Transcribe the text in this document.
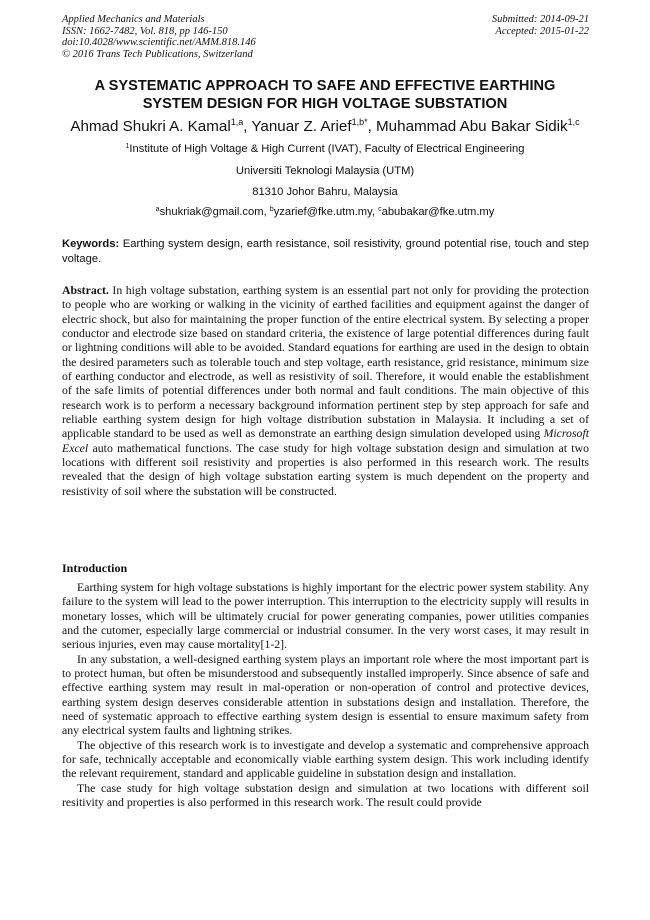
Applied Mechanics and Materials
ISSN: 1662-7482, Vol. 818, pp 146-150
doi:10.4028/www.scientific.net/AMM.818.146
© 2016 Trans Tech Publications, Switzerland
Submitted: 2014-09-21
Accepted: 2015-01-22
A SYSTEMATIC APPROACH TO SAFE AND EFFECTIVE EARTHING
SYSTEM DESIGN FOR HIGH VOLTAGE SUBSTATION
Ahmad Shukri A. Kamal$^{1,a}$, Yanuar Z. Arief$^{1,b*}$, Muhammad Abu Bakar Sidik$^{1,c}$
$^1$Institute of High Voltage & High Current (IVAT), Faculty of Electrical Engineering
Universiti Teknologi Malaysia (UTM)
81310 Johor Bahru, Malaysia
$^a$shukriak@gmail.com, $^b$yzarief@fke.utm.my, $^c$abubakar@fke.utm.my
Keywords: Earthing system design, earth resistance, soil resistivity, ground potential rise, touch and step voltage.
Abstract. In high voltage substation, earthing system is an essential part not only for providing the protection to people who are working or walking in the vicinity of earthed facilities and equipment against the danger of electric shock, but also for maintaining the proper function of the entire electrical system. By selecting a proper conductor and electrode size based on standard criteria, the existence of large potential differences during fault or lightning conditions will able to be avoided. Standard equations for earthing are used in the design to obtain the desired parameters such as tolerable touch and step voltage, earth resistance, grid resistance, minimum size of earthing conductor and electrode, as well as resistivity of soil. Therefore, it would enable the establishment of the safe limits of potential differences under both normal and fault conditions. The main objective of this research work is to perform a necessary background information pertinent step by step approach for safe and reliable earthing system design for high voltage distribution substation in Malaysia. It including a set of applicable standard to be used as well as demonstrate an earthing design simulation developed using Microsoft Excel auto mathematical functions. The case study for high voltage substation design and simulation at two locations with different soil resistivity and properties is also performed in this research work. The results revealed that the design of high voltage substation earting system is much dependent on the property and resistivity of soil where the substation will be constructed.
Introduction

Earthing system for high voltage substations is highly important for the electric power system stability. Any failure to the system will lead to the power interruption. This interruption to the electricity supply will results in monetary losses, which will be ultimately crucial for power generating companies, power utilities companies and the cutomer, especially large commercial or industrial consumer. In the very worst cases, it may result in serious injuries, even may cause mortality[1-2].

In any substation, a well-designed earthing system plays an important role where the most important part is to protect human, but often be misunderstood and subsequently installed improperly. Since absence of safe and effective earthing system may result in mal-operation or non-operation of control and protective devices, earthing system design deserves considerable attention in substations design and installation. Therefore, the need of systematic approach to effective earthing system design is essential to ensure maximum safety from any electrical system faults and lightning strikes.

The objective of this research work is to investigate and develop a systematic and comprehensive approach for safe, technically acceptable and economically viable earthing system design. This work including identify the relevant requirement, standard and applicable guideline in substation design and installation.

The case study for high voltage substation design and simulation at two locations with different soil resitivity and properties is also performed in this research work. The result could provide
